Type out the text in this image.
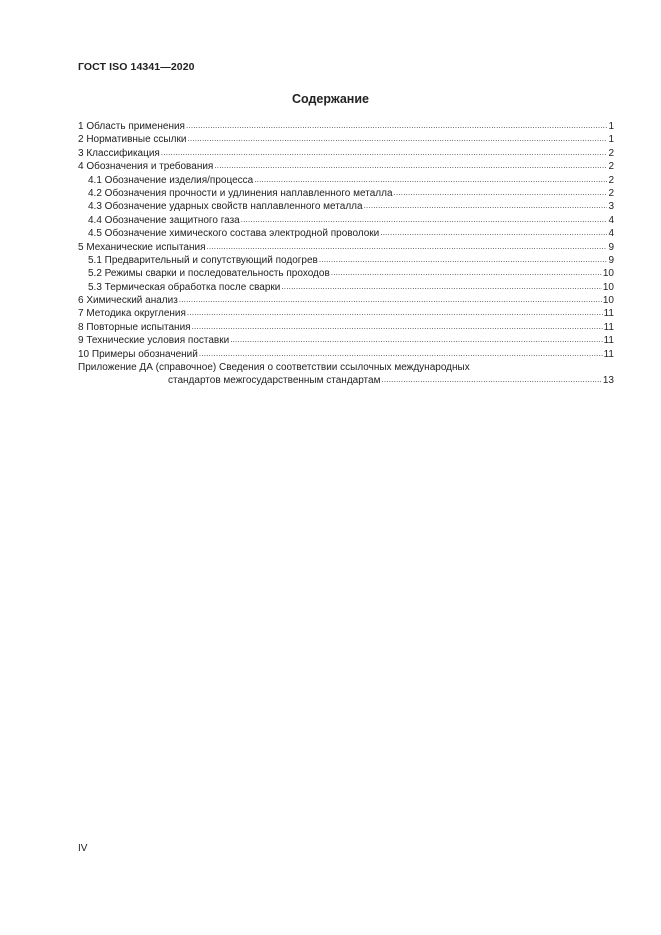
ГОСТ ISO 14341—2020
Содержание
1 Область применения .....	1
2 Нормативные ссылки .....	1
3 Классификация .....	2
4 Обозначения и требования .....	2
4.1 Обозначение изделия/процесса .....	2
4.2 Обозначения прочности и удлинения наплавленного металла .....	2
4.3 Обозначение ударных свойств наплавленного металла .....	3
4.4 Обозначение защитного газа .....	4
4.5 Обозначение химического состава электродной проволоки .....	4
5 Механические испытания .....	9
5.1 Предварительный и сопутствующий подогрев .....	9
5.2 Режимы сварки и последовательность проходов .....	10
5.3 Термическая обработка после сварки .....	10
6 Химический анализ .....	10
7 Методика округления .....	11
8 Повторные испытания .....	11
9 Технические условия поставки .....	11
10 Примеры обозначений .....	11
Приложение ДА (справочное) Сведения о соответствии ссылочных международных
стандартов межгосударственным стандартам .....	13
IV
